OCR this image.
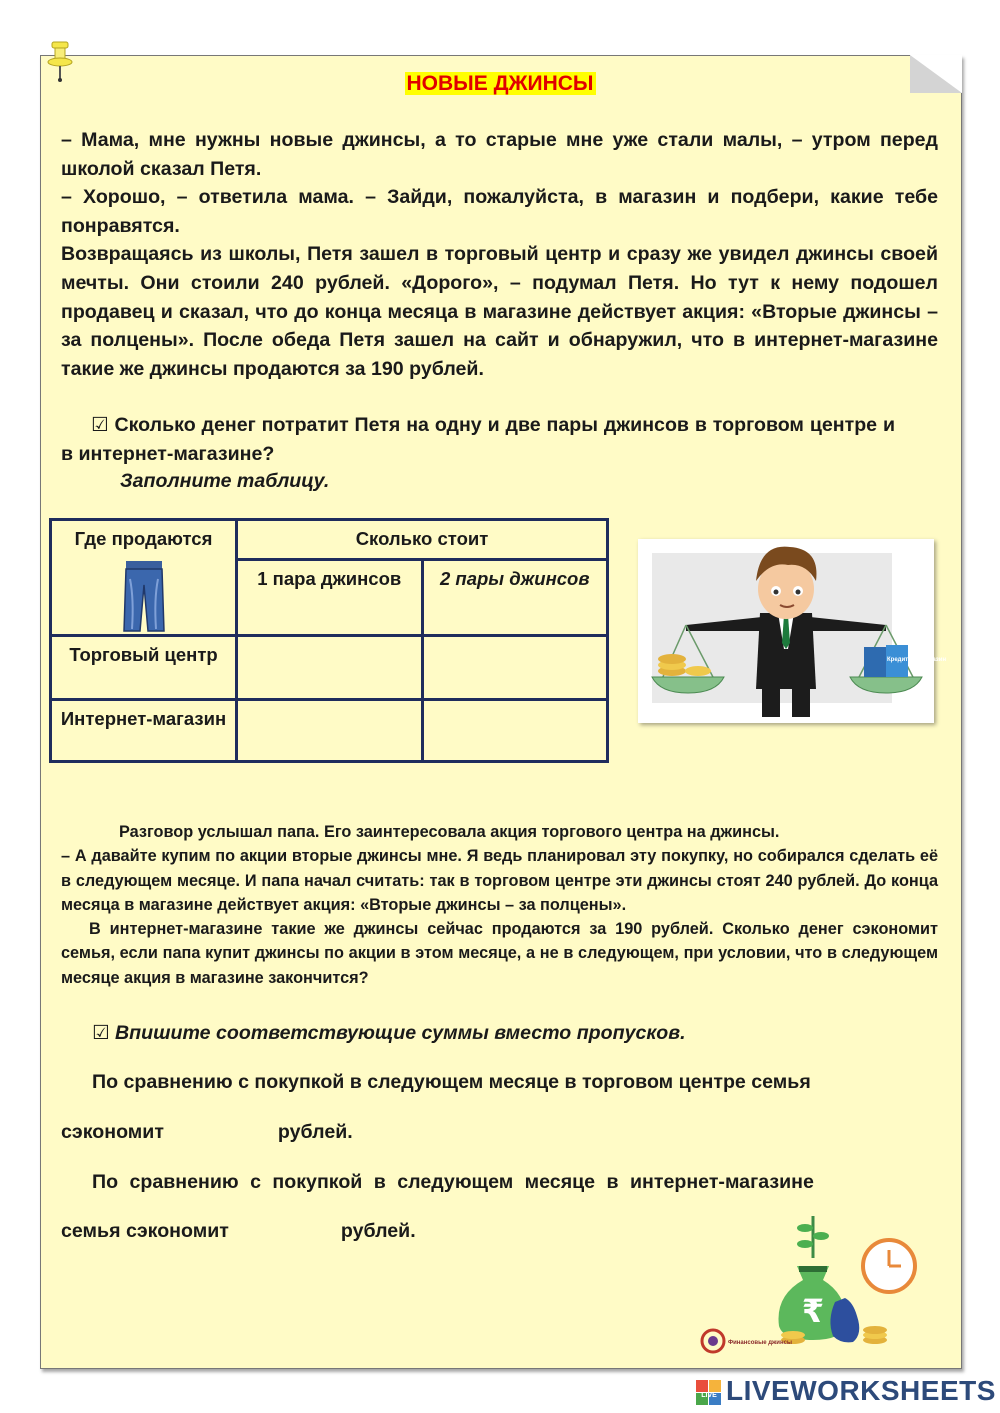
НОВЫЕ ДЖИНСЫ

– Мама, мне нужны новые джинсы, а то старые мне уже стали малы, – утром перед школой сказал Петя.

– Хорошо, – ответила мама. – Зайди, пожалуйста, в магазин и подбери, какие тебе понравятся.

Возвращаясь из школы, Петя зашел в торговый центр и сразу же увидел джинсы своей мечты. Они стоили 240 рублей. «Дорого», – подумал Петя. Но тут к нему подошел продавец и сказал, что до конца месяца в магазине действует акция: «Вторые джинсы – за полцены». После обеда Петя зашел на сайт и обнаружил, что в интернет-магазине такие же джинсы продаются за 190 рублей.

☑ Сколько денег потратит Петя на одну и две пары джинсов в торговом центре и в интернет-магазине?
Заполните таблицу.
Где продаются	Сколько стоит	
	1 пара джинсов	2 пары джинсов
Торговый центр		
Интернет-магазин		
Кредитный магазин

Разговор услышал папа. Его заинтересовала акция торгового центра на джинсы.

– А давайте купим по акции вторые джинсы мне. Я ведь планировал эту покупку, но собирался сделать её в следующем месяце. И папа начал считать: так в торговом центре эти джинсы стоят 240 рублей. До конца месяца в магазине действует акция: «Вторые джинсы – за полцены».

В интернет-магазине такие же джинсы сейчас продаются за 190 рублей. Сколько денег сэкономит семья, если папа купит джинсы по акции в этом месяце, а не в следующем, при условии, что в следующем месяце акция в магазине закончится?

☑ Впишите соответствующие суммы вместо пропусков.
По сравнению с покупкой в следующем месяце в торговом центре семья
сэкономит	рублей.
По сравнению с покупкой в следующем месяце в интернет-магазине
семья сэкономит	рублей.
₹
Финансовые джинсы
LIVE LIVEWORKSHEETS
